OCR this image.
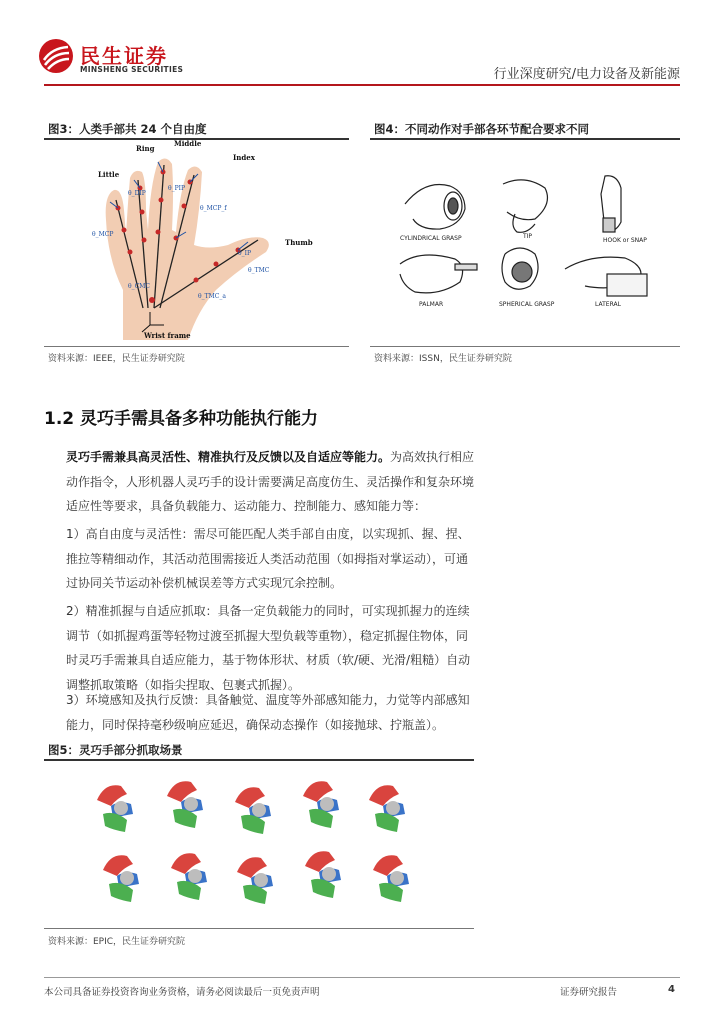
民生证券
MINSHENG SECURITIES	行业深度研究/电力设备及新能源
图3：人类手部共 24 个自由度
θ_MCP
θ_DIP
θ_PIP
θ_MCP_f
θ_TMC
θ_IP
θ_CMC
θ_TMC_a
Ring
Middle
Index
Little
Thumb
Wrist frame
资料来源：IEEE，民生证券研究院
图4：不同动作对手部各环节配合要求不同
CYLINDRICAL GRASP	TIP
HOOK or SNAP
PALMAR	SPHERICAL GRASP	LATERAL
资料来源：ISSN，民生证券研究院
1.2 灵巧手需具备多种功能执行能力
灵巧手需兼具高灵活性、精准执行及反馈以及自适应等能力。为高效执行相应动作指令，人形机器人灵巧手的设计需要满足高度仿生、灵活操作和复杂环境适应性等要求，具备负载能力、运动能力、控制能力、感知能力等：
1）高自由度与灵活性：需尽可能匹配人类手部自由度，以实现抓、握、捏、推拉等精细动作，其活动范围需接近人类活动范围（如拇指对掌运动），可通过协同关节运动补偿机械误差等方式实现冗余控制。
2）精准抓握与自适应抓取：具备一定负载能力的同时，可实现抓握力的连续调节（如抓握鸡蛋等轻物过渡至抓握大型负载等重物），稳定抓握住物体，同时灵巧手需兼具自适应能力，基于物体形状、材质（软/硬、光滑/粗糙）自动调整抓取策略（如指尖捏取、包裹式抓握）。
3）环境感知及执行反馈：具备触觉、温度等外部感知能力，力觉等内部感知能力，同时保持毫秒级响应延迟，确保动态操作（如接抛球、拧瓶盖）。
图5：灵巧手部分抓取场景
资料来源：EPIC，民生证券研究院
本公司具备证券投资咨询业务资格，请务必阅读最后一页免责声明	证券研究报告	4
